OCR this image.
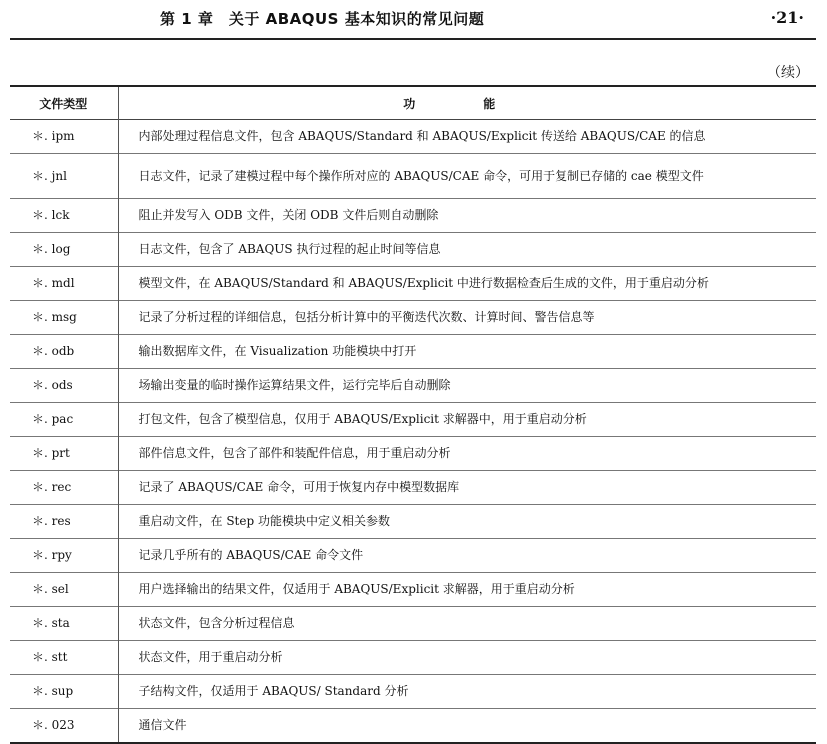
第 1 章　关于 ABAQUS 基本知识的常见问题	·21·
（续）
文件类型	功　能
＊. ipm	内部处理过程信息文件，包含 ABAQUS/Standard 和 ABAQUS/Explicit 传送给 ABAQUS/CAE 的信息
＊. jnl	日志文件，记录了建模过程中每个操作所对应的 ABAQUS/CAE 命令，可用于复制已存储的 cae 模型文件
＊. lck	阻止并发写入 ODB 文件，关闭 ODB 文件后则自动删除
＊. log	日志文件，包含了 ABAQUS 执行过程的起止时间等信息
＊. mdl	模型文件，在 ABAQUS/Standard 和 ABAQUS/Explicit 中进行数据检查后生成的文件，用于重启动分析
＊. msg	记录了分析过程的详细信息，包括分析计算中的平衡迭代次数、计算时间、警告信息等
＊. odb	输出数据库文件，在 Visualization 功能模块中打开
＊. ods	场输出变量的临时操作运算结果文件，运行完毕后自动删除
＊. pac	打包文件，包含了模型信息，仅用于 ABAQUS/Explicit 求解器中，用于重启动分析
＊. prt	部件信息文件，包含了部件和装配件信息，用于重启动分析
＊. rec	记录了 ABAQUS/CAE 命令，可用于恢复内存中模型数据库
＊. res	重启动文件，在 Step 功能模块中定义相关参数
＊. rpy	记录几乎所有的 ABAQUS/CAE 命令文件
＊. sel	用户选择输出的结果文件，仅适用于 ABAQUS/Explicit 求解器，用于重启动分析
＊. sta	状态文件，包含分析过程信息
＊. stt	状态文件，用于重启动分析
＊. sup	子结构文件，仅适用于 ABAQUS/ Standard 分析
＊. 023	通信文件
